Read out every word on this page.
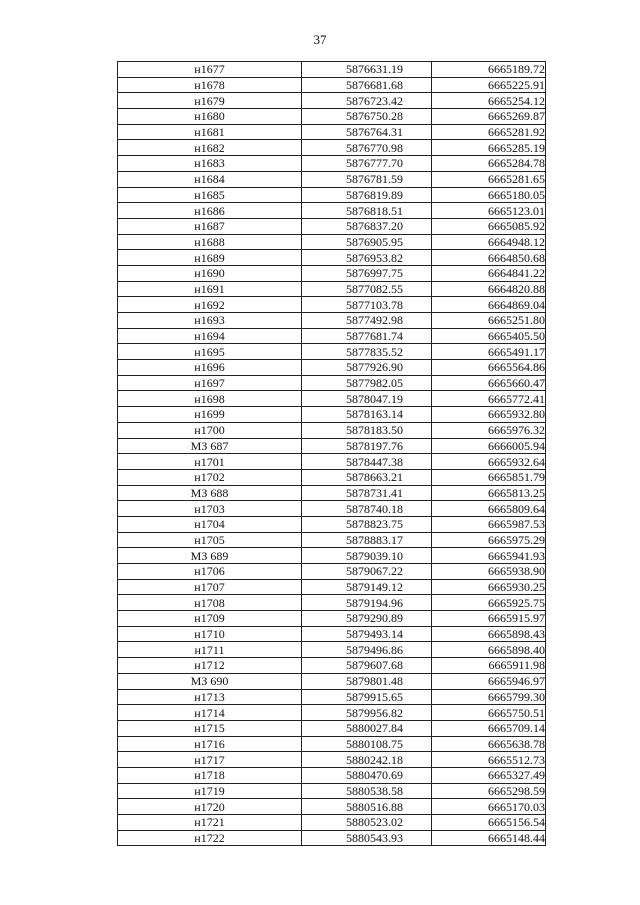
37
н1677	5876631.19	6665189.72
н1678	5876681.68	6665225.91
н1679	5876723.42	6665254.12
н1680	5876750.28	6665269.87
н1681	5876764.31	6665281.92
н1682	5876770.98	6665285.19
н1683	5876777.70	6665284.78
н1684	5876781.59	6665281.65
н1685	5876819.89	6665180.05
н1686	5876818.51	6665123.01
н1687	5876837.20	6665085.92
н1688	5876905.95	6664948.12
н1689	5876953.82	6664850.68
н1690	5876997.75	6664841.22
н1691	5877082.55	6664820.88
н1692	5877103.78	6664869.04
н1693	5877492.98	6665251.80
н1694	5877681.74	6665405.50
н1695	5877835.52	6665491.17
н1696	5877926.90	6665564.86
н1697	5877982.05	6665660.47
н1698	5878047.19	6665772.41
н1699	5878163.14	6665932.80
н1700	5878183.50	6665976.32
МЗ 687	5878197.76	6666005.94
н1701	5878447.38	6665932.64
н1702	5878663.21	6665851.79
МЗ 688	5878731.41	6665813.25
н1703	5878740.18	6665809.64
н1704	5878823.75	6665987.53
н1705	5878883.17	6665975.29
МЗ 689	5879039.10	6665941.93
н1706	5879067.22	6665938.90
н1707	5879149.12	6665930.25
н1708	5879194.96	6665925.75
н1709	5879290.89	6665915.97
н1710	5879493.14	6665898.43
н1711	5879496.86	6665898.40
н1712	5879607.68	6665911.98
МЗ 690	5879801.48	6665946.97
н1713	5879915.65	6665799.30
н1714	5879956.82	6665750.51
н1715	5880027.84	6665709.14
н1716	5880108.75	6665638.78
н1717	5880242.18	6665512.73
н1718	5880470.69	6665327.49
н1719	5880538.58	6665298.59
н1720	5880516.88	6665170.03
н1721	5880523.02	6665156.54
н1722	5880543.93	6665148.44
